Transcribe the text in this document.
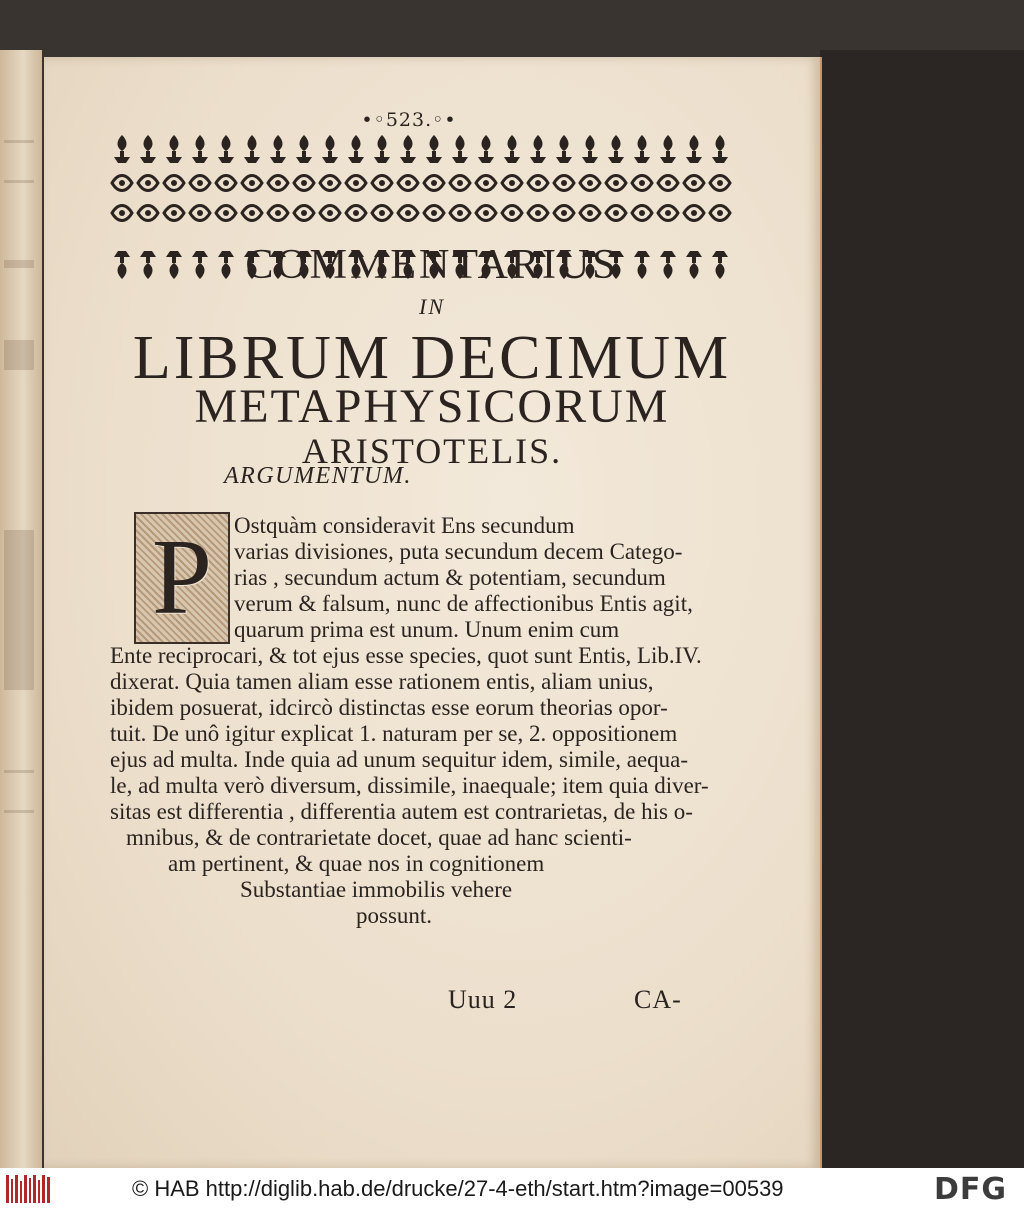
•◦523.◦•
COMMENTARIUS
IN
LIBRUM DECIMUM
METAPHYSICORUM
ARISTOTELIS.
ARGUMENTUM.
P Ostquàm consideravit Ens secundum
varias divisiones, puta secundum decem Catego-
rias , secundum actum & potentiam, secundum
verum & falsum, nunc de affectionibus Entis agit,
quarum prima est unum. Unum enim cum
Ente reciprocari, & tot ejus esse species, quot sunt Entis, Lib.IV.
dixerat. Quia tamen aliam esse rationem entis, aliam unius,
ibidem posuerat, idcircò distinctas esse eorum theorias opor-
tuit. De unô igitur explicat 1. naturam per se, 2. oppositionem
ejus ad multa. Inde quia ad unum sequitur idem, simile, aequa-
le, ad multa verò diversum, dissimile, inaequale; item quia diver-
sitas est differentia , differentia autem est contrarietas, de his o-
mnibus, & de contrarietate docet, quae ad hanc scienti-
am pertinent, & quae nos in cognitionem
Substantiae immobilis vehere
possunt.
Uuu 2	CA-
© HAB http://diglib.hab.de/drucke/27-4-eth/start.htm?image=00539	DFG
